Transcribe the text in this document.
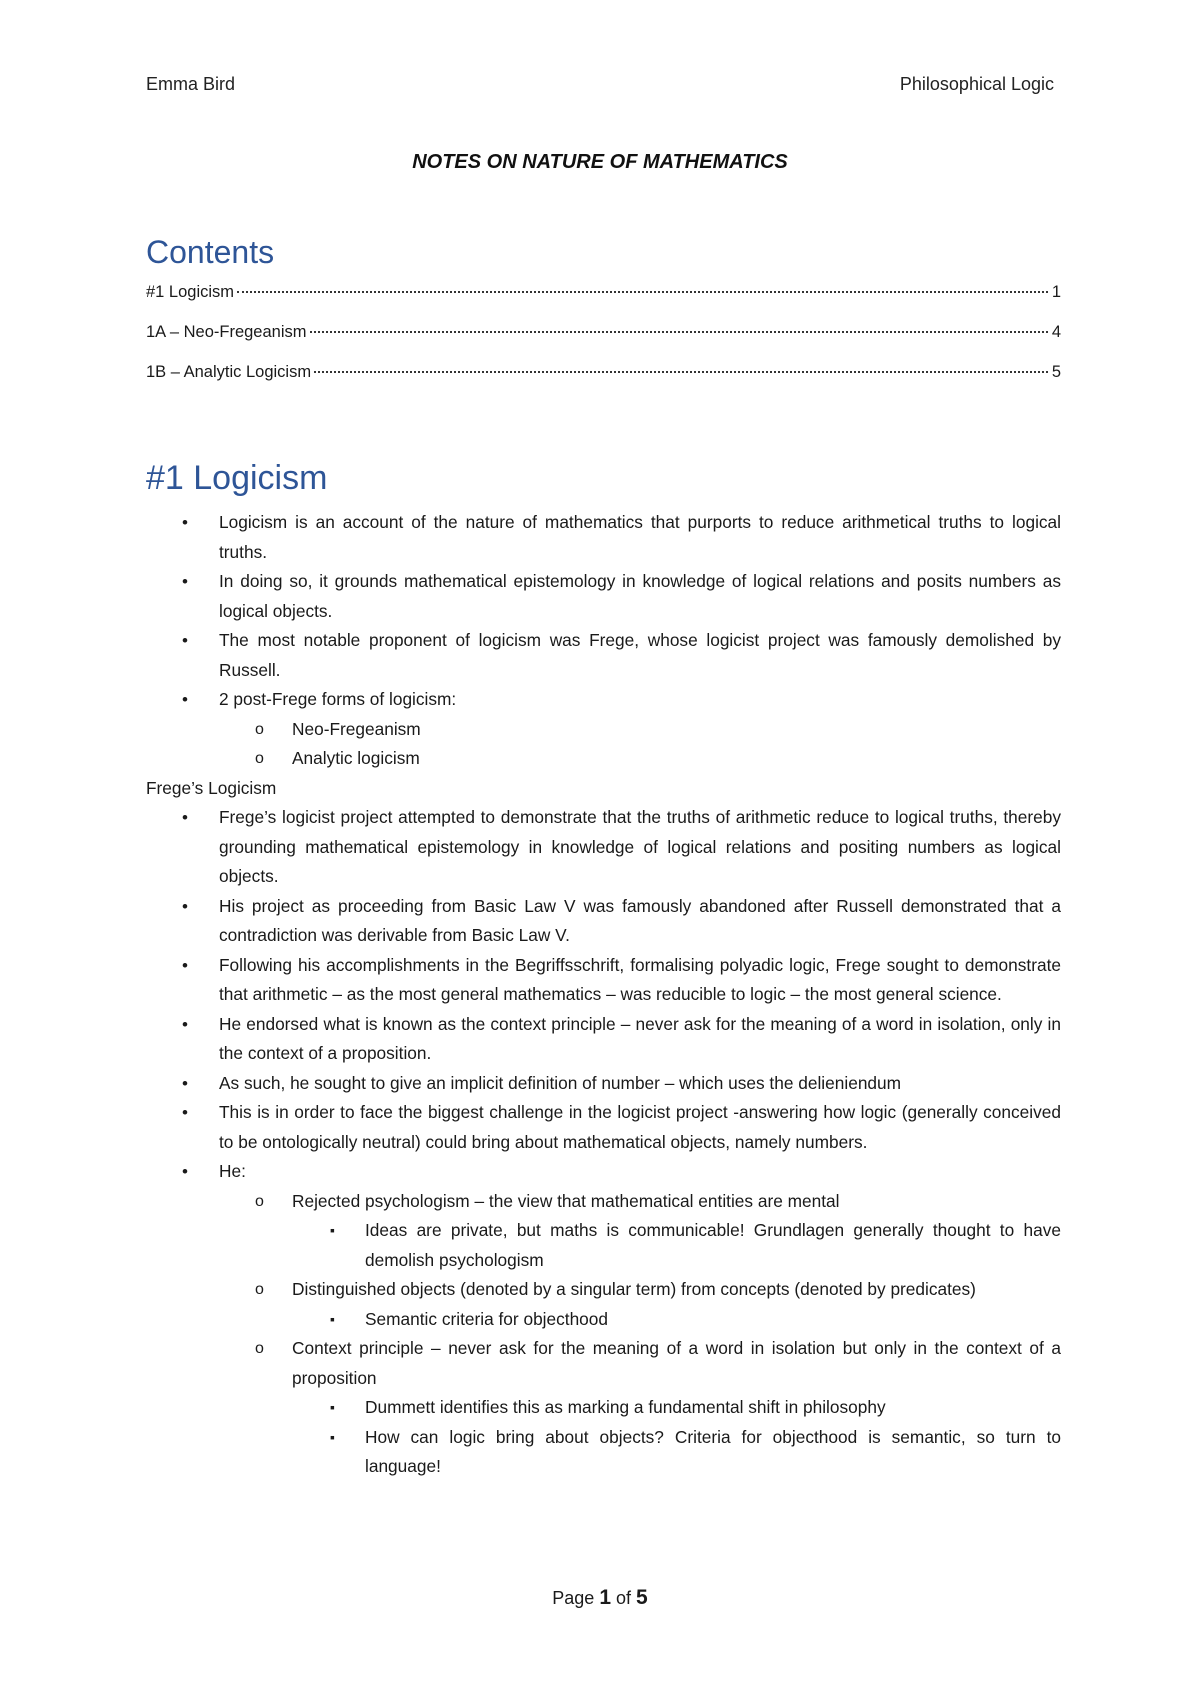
Emma Bird	Philosophical Logic
NOTES ON NATURE OF MATHEMATICS
Contents
#1 Logicism	1
1A – Neo-Fregeanism	4
1B – Analytic Logicism	5
#1 Logicism
• Logicism is an account of the nature of mathematics that purports to reduce arithmetical truths to logical truths.
• In doing so, it grounds mathematical epistemology in knowledge of logical relations and posits numbers as logical objects.
• The most notable proponent of logicism was Frege, whose logicist project was famously demolished by Russell.
• 2 post-Frege forms of logicism:
o Neo-Fregeanism
o Analytic logicism
Frege’s Logicism
• Frege’s logicist project attempted to demonstrate that the truths of arithmetic reduce to logical truths, thereby grounding mathematical epistemology in knowledge of logical relations and positing numbers as logical objects.
• His project as proceeding from Basic Law V was famously abandoned after Russell demonstrated that a contradiction was derivable from Basic Law V.
• Following his accomplishments in the Begriffsschrift, formalising polyadic logic, Frege sought to demonstrate that arithmetic – as the most general mathematics – was reducible to logic – the most general science.
• He endorsed what is known as the context principle – never ask for the meaning of a word in isolation, only in the context of a proposition.
• As such, he sought to give an implicit definition of number – which uses the delieniendum
• This is in order to face the biggest challenge in the logicist project -answering how logic (generally conceived to be ontologically neutral) could bring about mathematical objects, namely numbers.
• He:
o Rejected psychologism – the view that mathematical entities are mental
▪ Ideas are private, but maths is communicable! Grundlagen generally thought to have demolish psychologism
o Distinguished objects (denoted by a singular term) from concepts (denoted by predicates)
▪ Semantic criteria for objecthood
o Context principle – never ask for the meaning of a word in isolation but only in the context of a proposition
▪ Dummett identifies this as marking a fundamental shift in philosophy
▪ How can logic bring about objects? Criteria for objecthood is semantic, so turn to language!
Page 1 of 5
